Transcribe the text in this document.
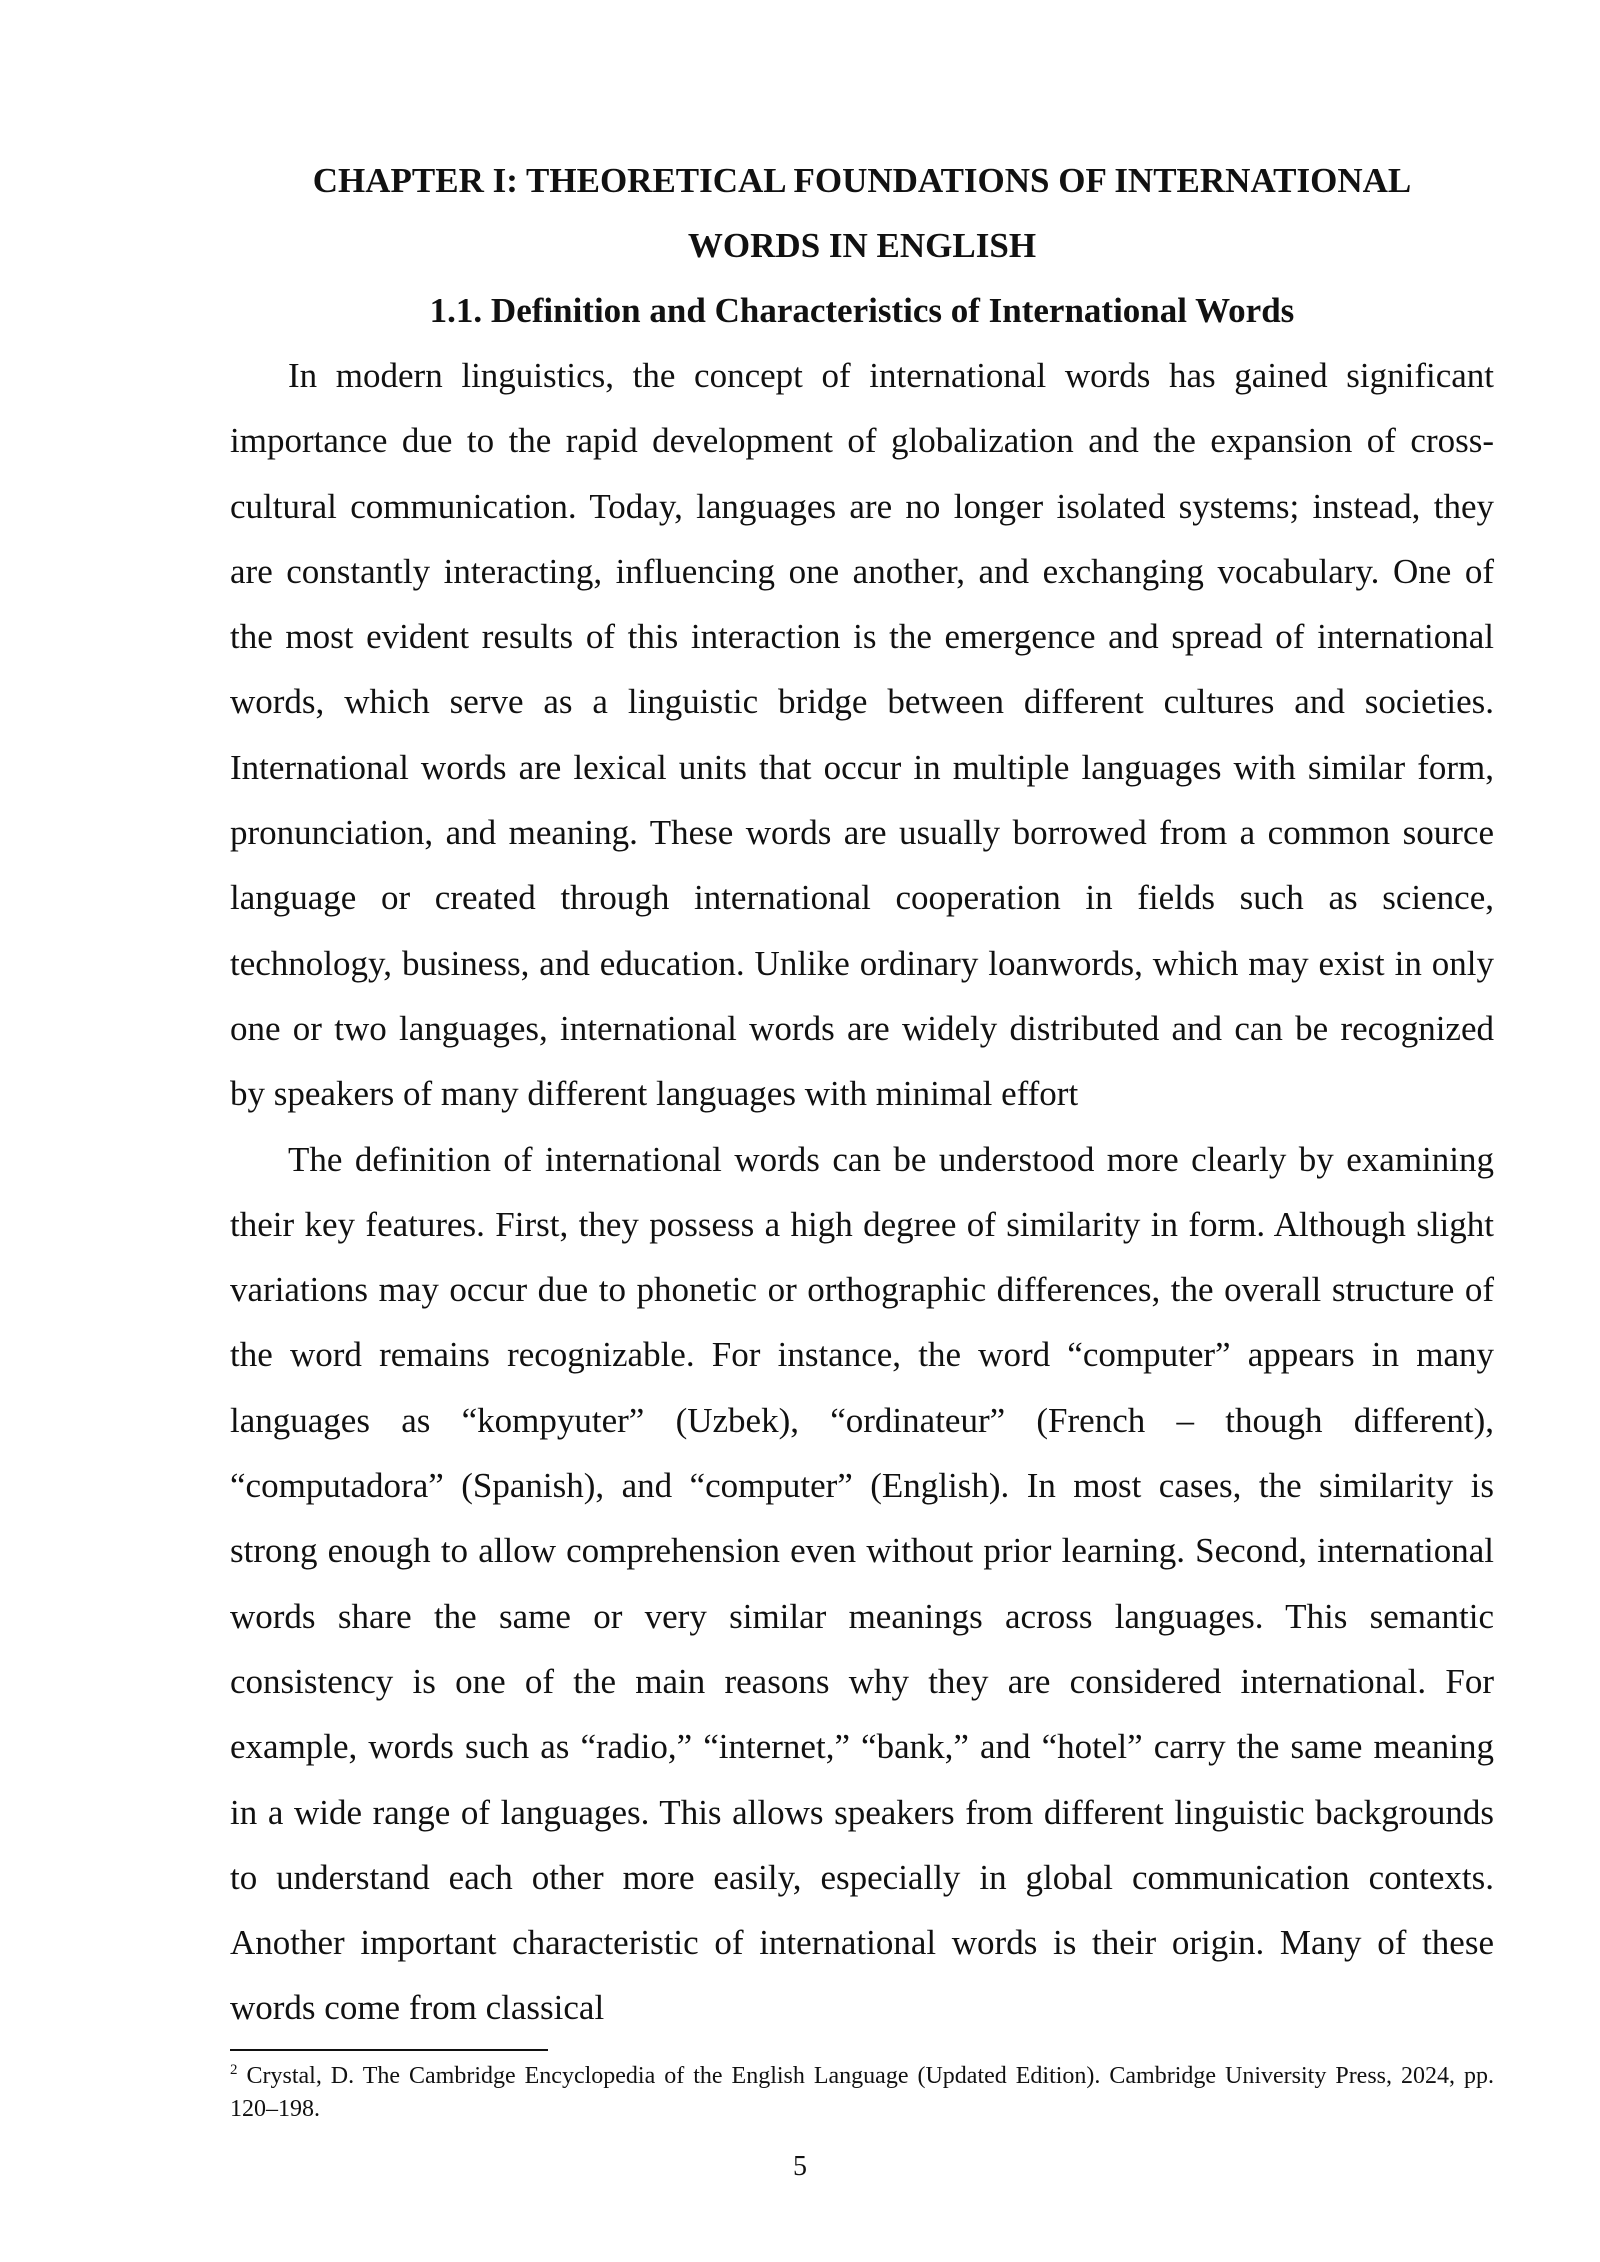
CHAPTER I: THEORETICAL FOUNDATIONS OF INTERNATIONAL
WORDS IN ENGLISH

1.1. Definition and Characteristics of International Words

In modern linguistics, the concept of international words has gained significant importance due to the rapid development of globalization and the expansion of cross-cultural communication. Today, languages are no longer isolated systems; instead, they are constantly interacting, influencing one another, and exchanging vocabulary. One of the most evident results of this interaction is the emergence and spread of international words, which serve as a linguistic bridge between different cultures and societies. International words are lexical units that occur in multiple languages with similar form, pronunciation, and meaning. These words are usually borrowed from a common source language or created through international cooperation in fields such as science, technology, business, and education. Unlike ordinary loanwords, which may exist in only one or two languages, international words are widely distributed and can be recognized by speakers of many different languages with minimal effort

The definition of international words can be understood more clearly by examining their key features. First, they possess a high degree of similarity in form. Although slight variations may occur due to phonetic or orthographic differences, the overall structure of the word remains recognizable. For instance, the word “computer” appears in many languages as “kompyuter” (Uzbek), “ordinateur” (French – though different), “computadora” (Spanish), and “computer” (English). In most cases, the similarity is strong enough to allow comprehension even without prior learning. Second, international words share the same or very similar meanings across languages. This semantic consistency is one of the main reasons why they are considered international. For example, words such as “radio,” “internet,” “bank,” and “hotel” carry the same meaning in a wide range of languages. This allows speakers from different linguistic backgrounds to understand each other more easily, especially in global communication contexts. Another important characteristic of international words is their origin. Many of these words come from classical

$^2$ Crystal, D. The Cambridge Encyclopedia of the English Language (Updated Edition). Cambridge University Press, 2024, pp. 120–198.

5
